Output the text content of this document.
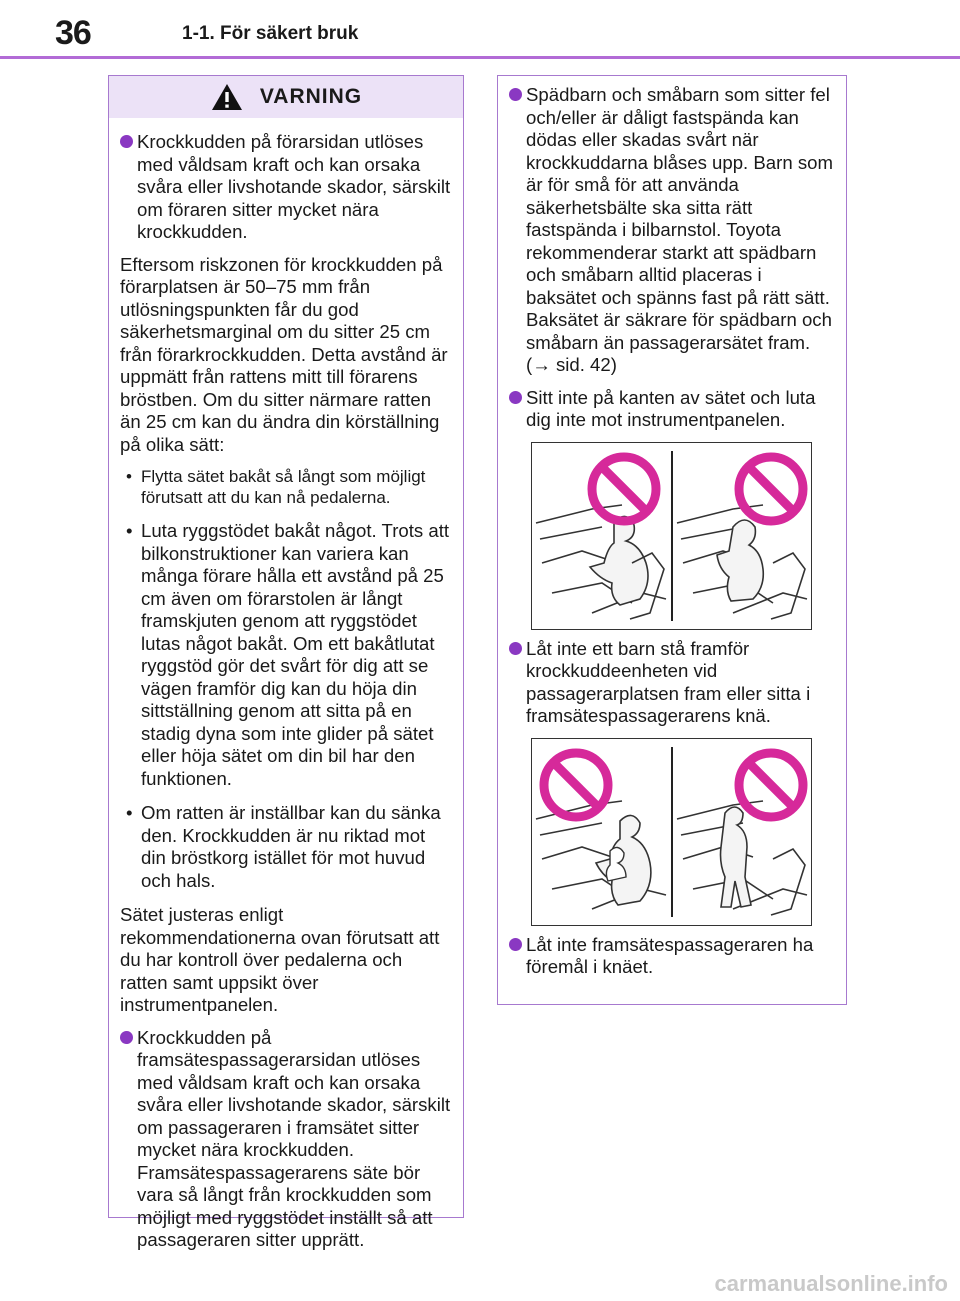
36	1-1. För säkert bruk
VARNING
Krockkudden på förarsidan utlöses med våldsam kraft och kan orsaka svåra eller livshotande skador, särskilt om föraren sitter mycket nära krockkudden.

Eftersom riskzonen för krockkudden på förarplatsen är 50–75 mm från utlösningspunkten får du god säkerhetsmarginal om du sitter 25 cm från förarkrockkudden. Detta avstånd är uppmätt från rattens mitt till förarens bröstben. Om du sitter närmare ratten än 25 cm kan du ändra din körställning på olika sätt:

• Flytta sätet bakåt så långt som möjligt förutsatt att du kan nå pedalerna.
• Luta ryggstödet bakåt något. Trots att bilkonstruktioner kan variera kan många förare hålla ett avstånd på 25 cm även om förarstolen är långt framskjuten genom att ryggstödet lutas något bakåt. Om ett bakåtlutat ryggstöd gör det svårt för dig att se vägen framför dig kan du höja din sittställning genom att sitta på en stadig dyna som inte glider på sätet eller höja sätet om din bil har den funktionen.
• Om ratten är inställbar kan du sänka den. Krockkudden är nu riktad mot din bröstkorg istället för mot huvud och hals.

Sätet justeras enligt rekommendationerna ovan förutsatt att du har kontroll över pedalerna och ratten samt uppsikt över instrumentpanelen.

Krockkudden på framsätespassagerarsidan utlöses med våldsam kraft och kan orsaka svåra eller livshotande skador, särskilt om passageraren i framsätet sitter mycket nära krockkudden. Framsätespassagerarens säte bör vara så långt från krockkudden som möjligt med ryggstödet inställt så att passageraren sitter upprätt.
Spädbarn och småbarn som sitter fel och/eller är dåligt fastspända kan dödas eller skadas svårt när krockkuddarna blåses upp. Barn som är för små för att använda säkerhetsbälte ska sitta rätt fastspända i bilbarnstol. Toyota rekommenderar starkt att spädbarn och småbarn alltid placeras i baksätet och spänns fast på rätt sätt. Baksätet är säkrare för spädbarn och småbarn än passagerarsätet fram.
(→ sid. 42)
Sitt inte på kanten av sätet och luta dig inte mot instrumentpanelen.
Låt inte ett barn stå framför krockkuddeenheten vid passagerarplatsen fram eller sitta i framsätespassagerarens knä.
Låt inte framsätespassageraren ha föremål i knäet.
carmanualsonline.info
